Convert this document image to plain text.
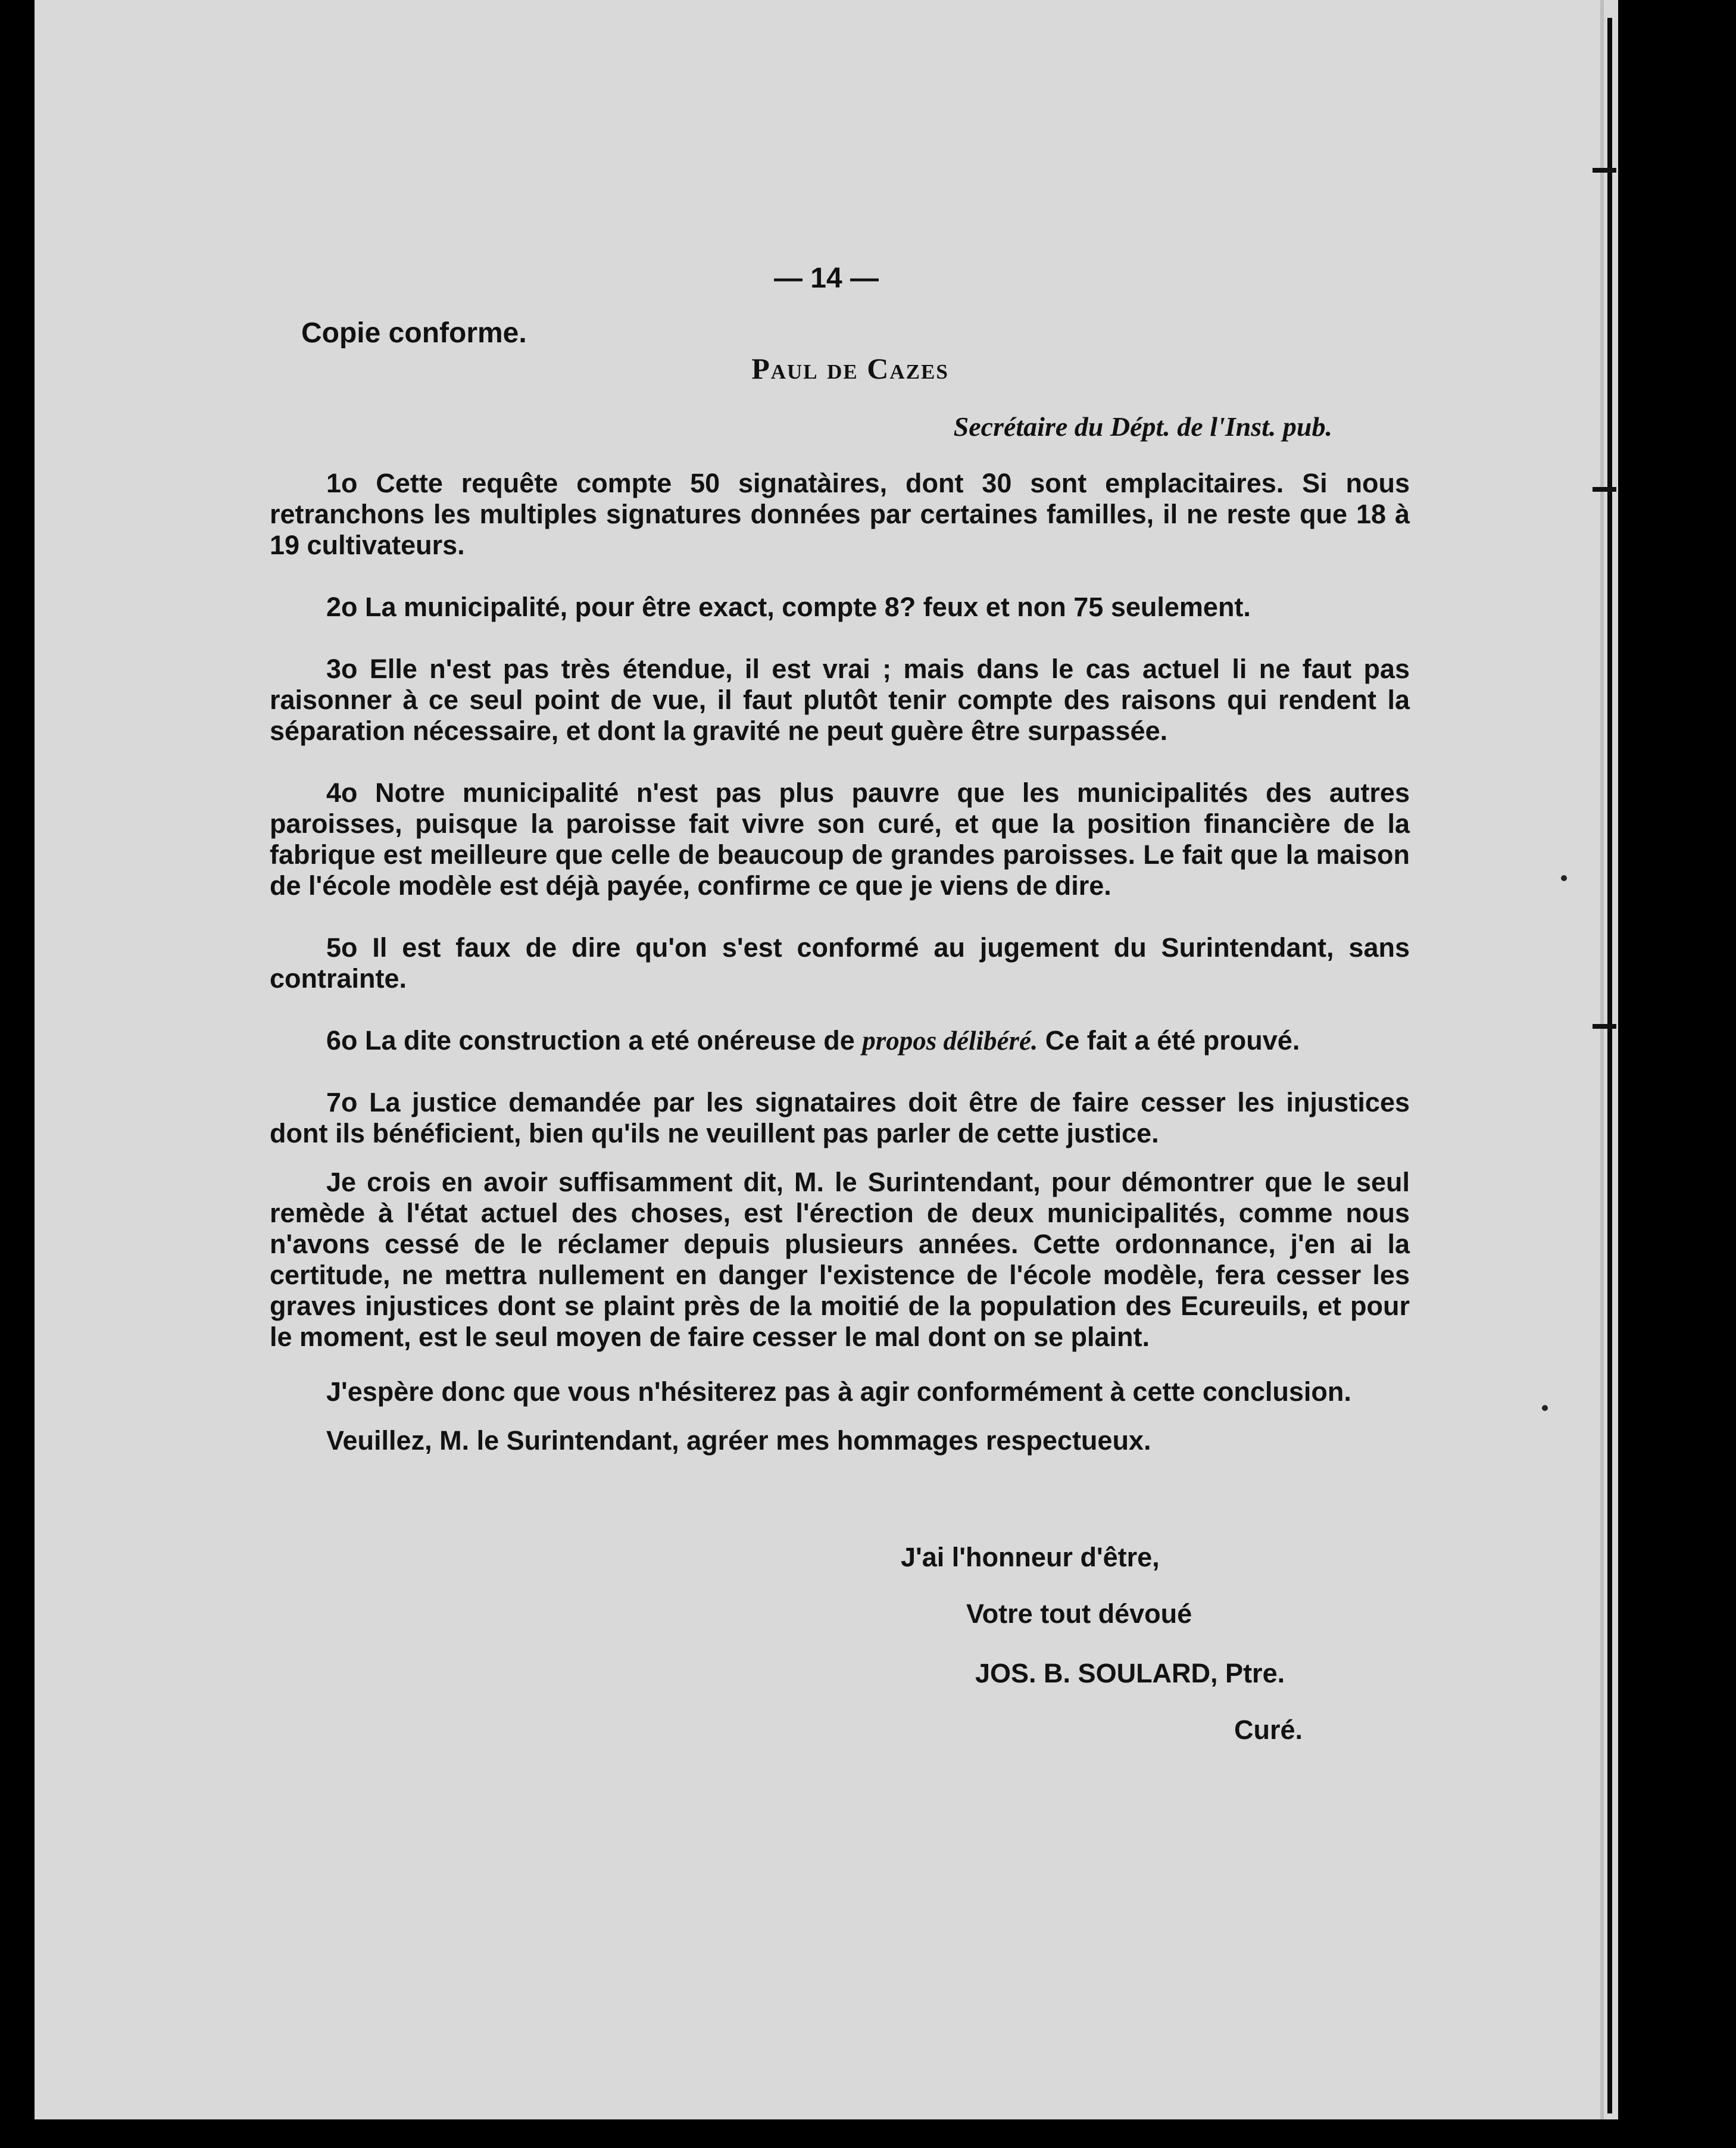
— 14 —
Copie conforme.
Paul de Cazes
Secrétaire du Dépt. de l'Inst. pub.

1o Cette requête compte 50 signatàires, dont 30 sont emplacitaires. Si nous retranchons les multiples signatures données par certaines familles, il ne reste que 18 à 19 cultivateurs.

2o La municipalité, pour être exact, compte 8? feux et non 75 seulement.

3o Elle n'est pas très étendue, il est vrai ; mais dans le cas actuel li ne faut pas raisonner à ce seul point de vue, il faut plutôt tenir compte des raisons qui rendent la séparation nécessaire, et dont la gravité ne peut guère être surpassée.

4o Notre municipalité n'est pas plus pauvre que les municipalités des autres paroisses, puisque la paroisse fait vivre son curé, et que la position financière de la fabrique est meilleure que celle de beaucoup de grandes paroisses. Le fait que la maison de l'école modèle est déjà payée, confirme ce que je viens de dire.

5o Il est faux de dire qu'on s'est conformé au jugement du Surintendant, sans contrainte.

6o La dite construction a eté onéreuse de propos délibéré. Ce fait a été prouvé.

7o La justice demandée par les signataires doit être de faire cesser les injustices dont ils bénéficient, bien qu'ils ne veuillent pas parler de cette justice.

Je crois en avoir suffisamment dit, M. le Surintendant, pour démontrer que le seul remède à l'état actuel des choses, est l'érection de deux municipalités, comme nous n'avons cessé de le réclamer depuis plusieurs années. Cette ordonnance, j'en ai la certitude, ne mettra nullement en danger l'existence de l'école modèle, fera cesser les graves injustices dont se plaint près de la moitié de la population des Ecureuils, et pour le moment, est le seul moyen de faire cesser le mal dont on se plaint.

J'espère donc que vous n'hésiterez pas à agir conformément à cette conclusion.

Veuillez, M. le Surintendant, agréer mes hommages respectueux.

J'ai l'honneur d'être,
Votre tout dévoué
JOS. B. SOULARD, Ptre.
Curé.
